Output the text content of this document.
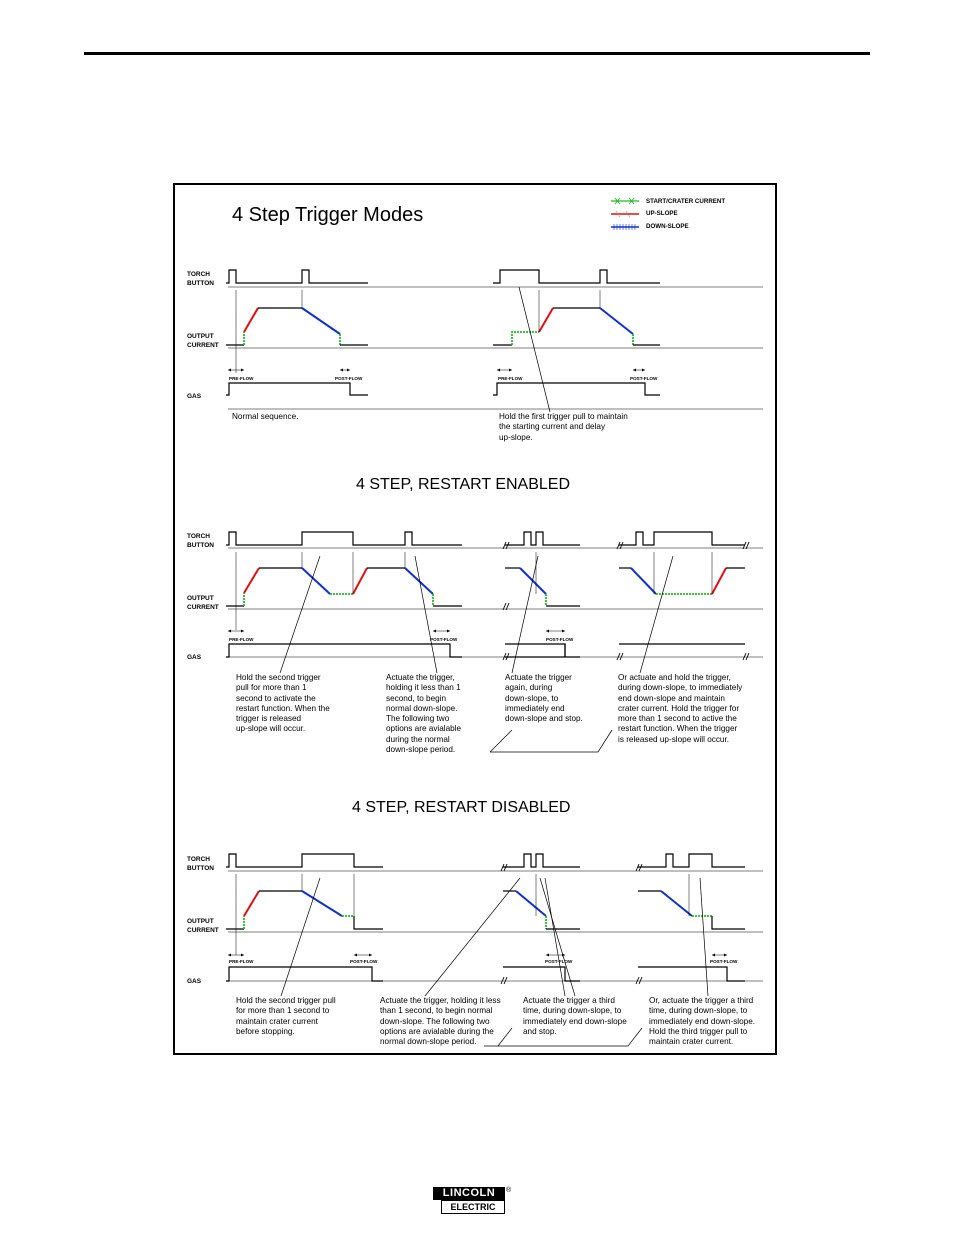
4 Step Trigger Modes
4 STEP, RESTART ENABLED
4 STEP, RESTART DISABLED
START/CRATER CURRENT
UP-SLOPE
DOWN-SLOPE
TORCH
BUTTON
OUTPUT
CURRENT
GAS
TORCH
BUTTON
OUTPUT
CURRENT
GAS
TORCH
BUTTON
OUTPUT
CURRENT
GAS
PRE-FLOW	POST-FLOW	PRE-FLOW	POST-FLOW
PRE-FLOW	POST-FLOW	POST-FLOW
PRE-FLOW	POST-FLOW	POST-FLOW	POST-FLOW
Normal sequence.	Hold the first trigger pull to maintain
the starting current and delay
up-slope.
Hold the second trigger
pull for more than 1
second to activate the
restart function. When the
trigger is released
up-slope will occur.
Actuate the trigger,
holding it less than 1
second, to begin
normal down-slope.
The following two
options are avialable
during the normal
down-slope period.
Actuate the trigger
again, during
down-slope, to
immediately end
down-slope and stop.
Or actuate and hold the trigger,
during down-slope, to immediately
end down-slope and maintain
crater current. Hold the trigger for
more than 1 second to active the
restart function. When the trigger
is released up-slope will occur.
Hold the second trigger pull
for more than 1 second to
maintain crater current
before stopping.
Actuate the trigger, holding it less
than 1 second, to begin normal
down-slope. The following two
options are avialable during the
normal down-slope period.
Actuate the trigger a third
time, during down-slope, to
immediately end down-slope
and stop.
Or, actuate the trigger a third
time, during down-slope, to
immediately end down-slope.
Hold the third trigger pull to
maintain crater current.
LINCOLN
ELECTRIC
®
